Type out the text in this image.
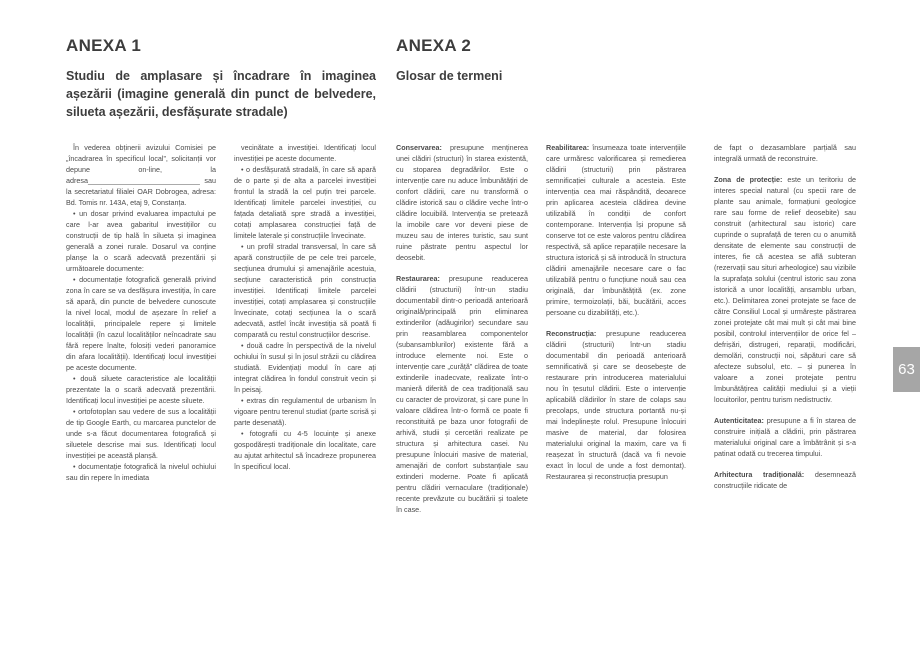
ANEXA 1
Studiu de amplasare și încadrare în imaginea așezării (imagine generală din punct de belvedere, silueta așezării, desfășurate stradale)
ANEXA 2
Glosar de termeni

În vederea obținerii avizului Comisiei pe „încadrarea în specificul local”, solicitanții vor depune on-line, la adresa____________________________ sau la secretariatul filialei OAR Dobrogea, adresa: Bd. Tomis nr. 143A, etaj 9, Constanța.

• un dosar privind evaluarea impactului pe care l-ar avea gabaritul investițiilor cu construcții de tip hală în silueta și imaginea generală a zonei rurale. Dosarul va conține planșe la o scară adecvată prezentării și următoarele documente:

• documentație fotografică generală privind zona în care se va desfășura investiția, în care să apară, din puncte de belvedere cunoscute la nivel local, modul de așezare în relief a localității, principalele repere și limitele localității (în cazul localităților neîncadrate sau fără repere înalte, folosiți vederi panoramice din afara localității). Identificați locul investiției pe aceste documente.

• două siluete caracteristice ale localității prezentate la o scară adecvată prezentării. Identificați locul investiției pe aceste siluete.

• ortofotoplan sau vedere de sus a localității de tip Google Earth, cu marcarea punctelor de unde s-a făcut documentarea fotografică și siluetele descrise mai sus. Identificați locul investiției pe această planșă.

• documentație fotografică la nivelul ochiului sau din repere în imediata

vecinătate a investiției. Identificați locul investiției pe aceste documente.

• o desfășurată stradală, în care să apară de o parte și de alta a parcelei investiției frontul la stradă la cel puțin trei parcele. Identificați limitele parcelei investiției, cu fațada detaliată spre stradă a investiției, cotați amplasarea construcției față de limitele laterale și construcțiile învecinate.

• un profil stradal transversal, în care să apară construcțiile de pe cele trei parcele, secțiunea drumului și amenajările acestuia, secțiune caracteristică prin construcția investiției. Identificați limitele parcelei investiției, cotați amplasarea și construcțiile învecinate, cotați secțiunea la o scară adecvată, astfel încât investiția să poată fi comparată cu restul construcțiilor descrise.

• două cadre în perspectivă de la nivelul ochiului în susul și în josul străzii cu clădirea studiată. Evidențiați modul în care ați integrat clădirea în fondul construit vecin și în peisaj.

• extras din regulamentul de urbanism în vigoare pentru terenul studiat (parte scrisă și parte desenată).

• fotografii cu 4-5 locuințe și anexe gospodărești tradiționale din localitate, care au ajutat arhitectul să încadreze propunerea în specificul local.

Conservarea: presupune menținerea unei clădiri (structuri) în starea existentă, cu stoparea degradărilor. Este o intervenție care nu aduce îmbunătățiri de confort clădirii, care nu transformă o clădire istorică sau o clădire veche într-o clădire locuibilă. Intervenția se pretează la imobile care vor deveni piese de muzeu sau de interes turistic, sau sunt ruine păstrate pentru aspectul lor deosebit.

Restaurarea: presupune readucerea clădirii (structurii) într-un stadiu documentabil dintr-o perioadă anterioară originală/principală prin eliminarea extinderilor (adăugirilor) secundare sau prin reasamblarea componentelor (subansamblurilor) existente fără a introduce elemente noi. Este o intervenție care „curăță” clădirea de toate extinderile inadecvate, realizate într-o manieră diferită de cea tradițională sau cu caracter de provizorat, și care pune în valoare clădirea într-o formă ce poate fi reconstituită pe baza unor fotografii de arhivă, studii și cercetări realizate pe structura și arhitectura casei. Nu presupune înlocuiri masive de material, amenajări de confort substanțiale sau extinderi moderne. Poate fi aplicată pentru clădiri vernaculare (tradiționale) recente prevăzute cu bucătării și toalete în case.

Reabilitarea: însumeaza toate intervențiile care urmăresc valorificarea și remedierea clădirii (structurii) prin păstrarea semnificației culturale a acesteia. Este intervenția cea mai răspândită, deoarece prin aplicarea acesteia clădirea devine utilizabilă în condiții de confort contemporane. Intervenția își propune să conserve tot ce este valoros pentru clădirea respectivă, să aplice reparațiile necesare la structura istorică și să introducă în structura clădirii amenajările necesare care o fac utilizabilă pentru o funcțiune nouă sau cea originală, dar îmbunătățită (ex. zone primire, termoizolații, băi, bucătării, acces persoane cu dizabilități, etc.).

Reconstrucția: presupune readucerea clădirii (structurii) într-un stadiu documentabil din perioadă anterioară semnificativă și care se deosebește de restaurare prin introducerea materialului nou în țesutul clădirii. Este o intervenție aplicabilă clădirilor în stare de colaps sau precolaps, unde structura portantă nu-și mai îndeplinește rolul. Presupune înlocuiri masive de material, dar folosirea materialului original la maxim, care va fi reașezat în structură (dacă va fi nevoie exact în locul de unde a fost demontat). Restaurarea și reconstrucția presupun

de fapt o dezasamblare parțială sau integrală urmată de reconstruire.

Zona de protecție: este un teritoriu de interes special natural (cu specii rare de plante sau animale, formațiuni geologice rare sau forme de relief deosebite) sau construit (arhitectural sau istoric) care cuprinde o suprafață de teren cu o anumită densitate de elemente sau construcții de interes, fie că acestea se află subteran (rezervații sau situri arheologice) sau vizibile la suprafața solului (centrul istoric sau zona istorică a unor localități, ansamblu urban, etc.). Delimitarea zonei protejate se face de către Consiliul Local și urmărește păstrarea zonei protejate cât mai mult și cât mai bine posibil, controlul intervențiilor de orice fel – defrișări, distrugeri, reparații, modificări, demolări, construcții noi, săpături care să afecteze subsolul, etc. – și punerea în valoare a zonei protejate pentru îmbunătățirea calității mediului și a vieții locuitorilor, pentru turism nedistructiv.

Autenticitatea: presupune a fi în starea de construire inițială a clădirii, prin păstrarea materialului original care a îmbătrânit și s-a patinat odată cu trecerea timpului.

Arhitectura tradițională: desemnează construcțiile ridicate de

63
